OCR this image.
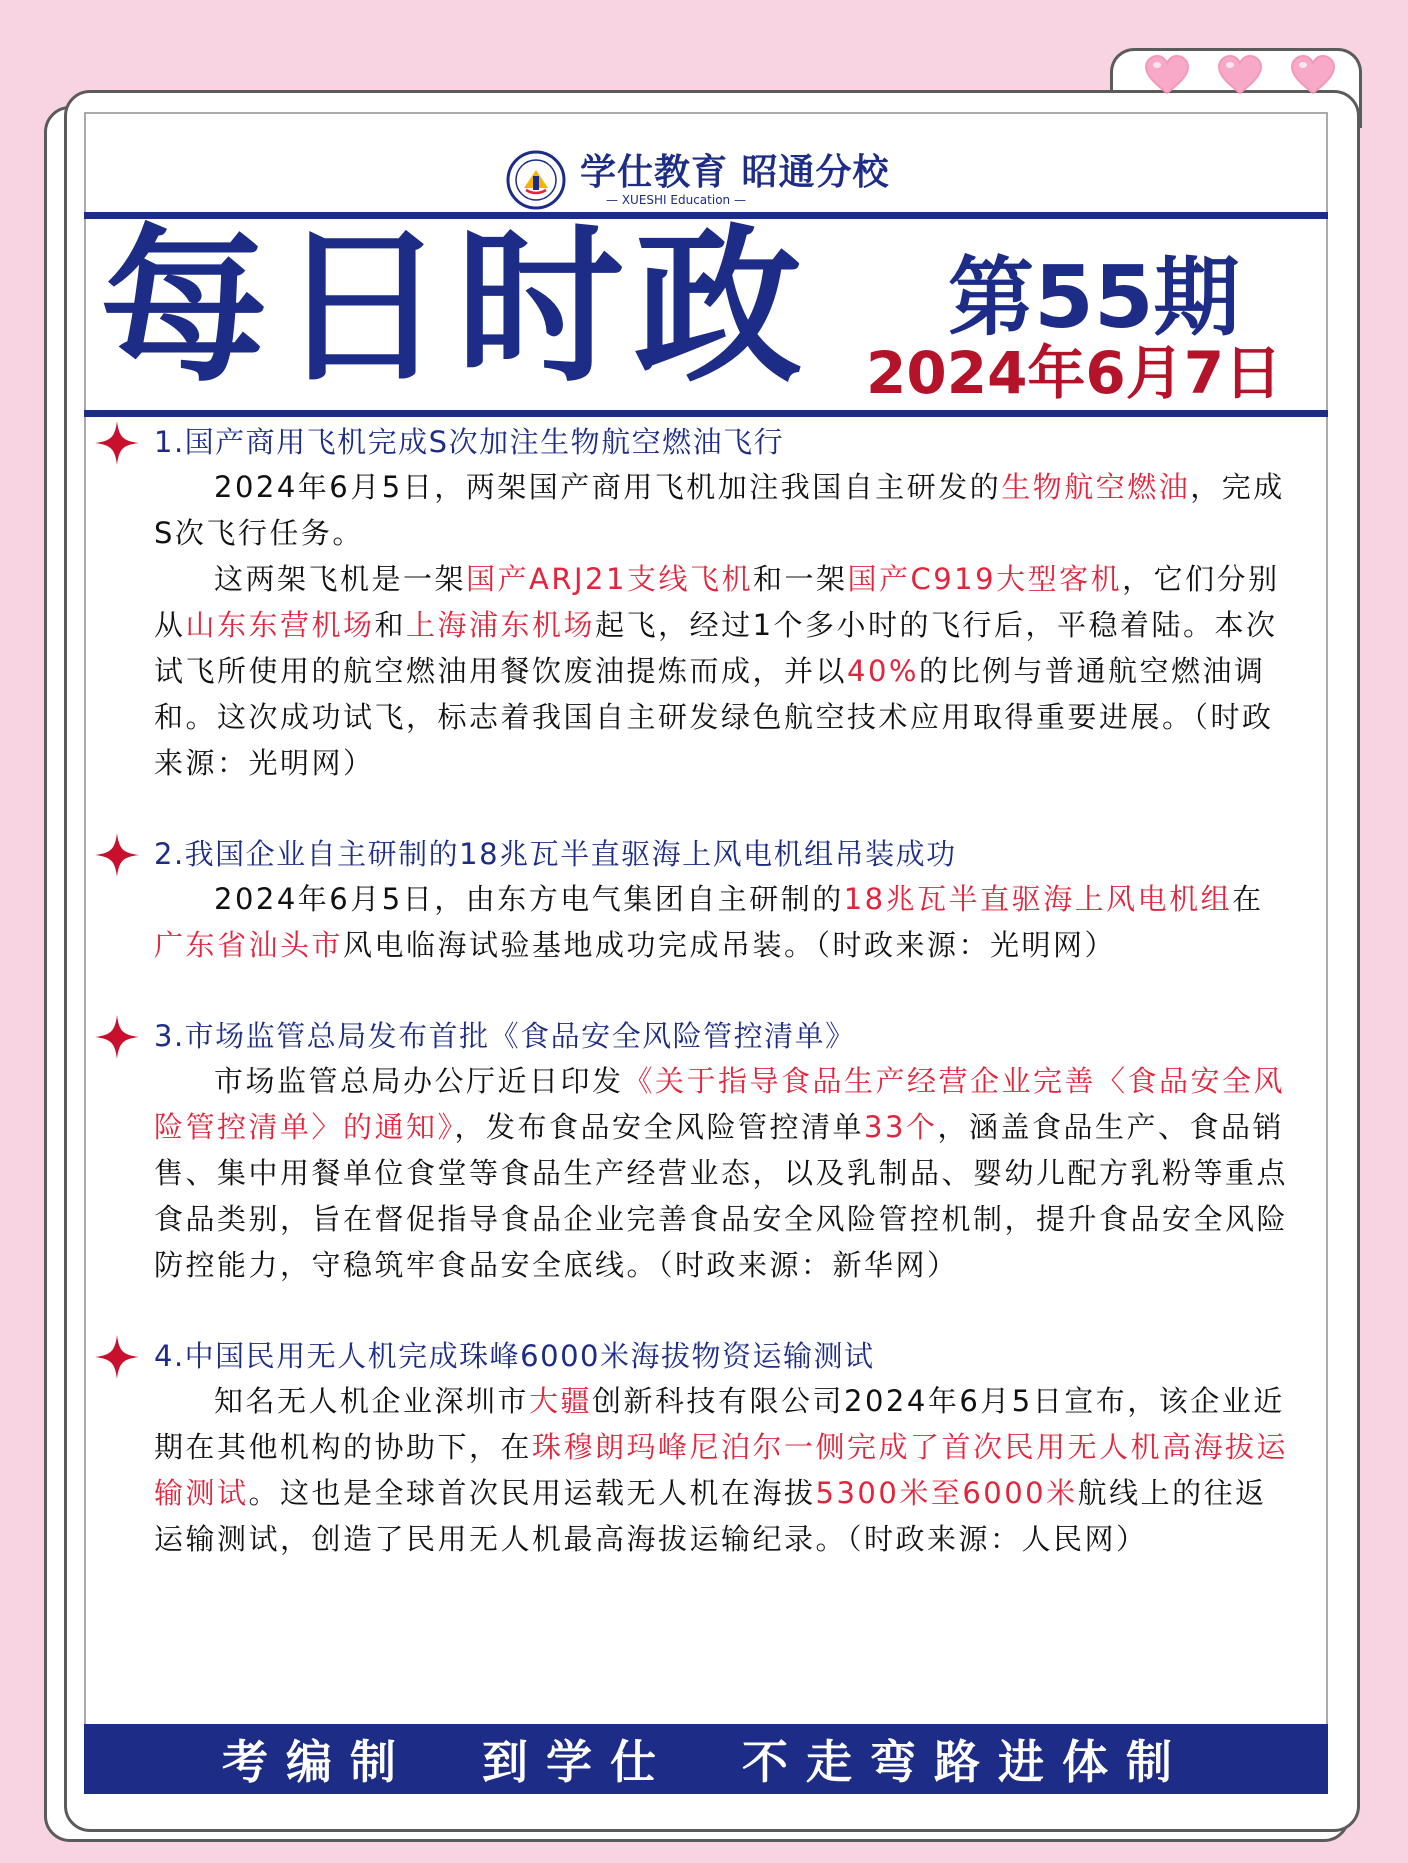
学仕教育 昭通分校
— XUESHI Education —
每日时政 第55期
2024年6月7日
1.国产商用飞机完成S次加注生物航空燃油飞行

2024年6月5日，两架国产商用飞机加注我国自主研发的生物航空燃油，完成S次飞行任务。

这两架飞机是一架国产ARJ21支线飞机和一架国产C919大型客机，它们分别从山东东营机场和上海浦东机场起飞，经过1个多小时的飞行后，平稳着陆。本次试飞所使用的航空燃油用餐饮废油提炼而成，并以40%的比例与普通航空燃油调和。这次成功试飞，标志着我国自主研发绿色航空技术应用取得重要进展。（时政来源：光明网）

2.我国企业自主研制的18兆瓦半直驱海上风电机组吊装成功

2024年6月5日，由东方电气集团自主研制的18兆瓦半直驱海上风电机组在广东省汕头市风电临海试验基地成功完成吊装。（时政来源：光明网）

3.市场监管总局发布首批《食品安全风险管控清单》

市场监管总局办公厅近日印发《关于指导食品生产经营企业完善〈食品安全风险管控清单〉的通知》，发布食品安全风险管控清单33个，涵盖食品生产、食品销售、集中用餐单位食堂等食品生产经营业态，以及乳制品、婴幼儿配方乳粉等重点食品类别，旨在督促指导食品企业完善食品安全风险管控机制，提升食品安全风险防控能力，守稳筑牢食品安全底线。（时政来源：新华网）

4.中国民用无人机完成珠峰6000米海拔物资运输测试

知名无人机企业深圳市大疆创新科技有限公司2024年6月5日宣布，该企业近期在其他机构的协助下，在珠穆朗玛峰尼泊尔一侧完成了首次民用无人机高海拔运输测试。这也是全球首次民用运载无人机在海拔5300米至6000米航线上的往返运输测试，创造了民用无人机最高海拔运输纪录。（时政来源：人民网）

考编制  到学仕  不走弯路进体制
